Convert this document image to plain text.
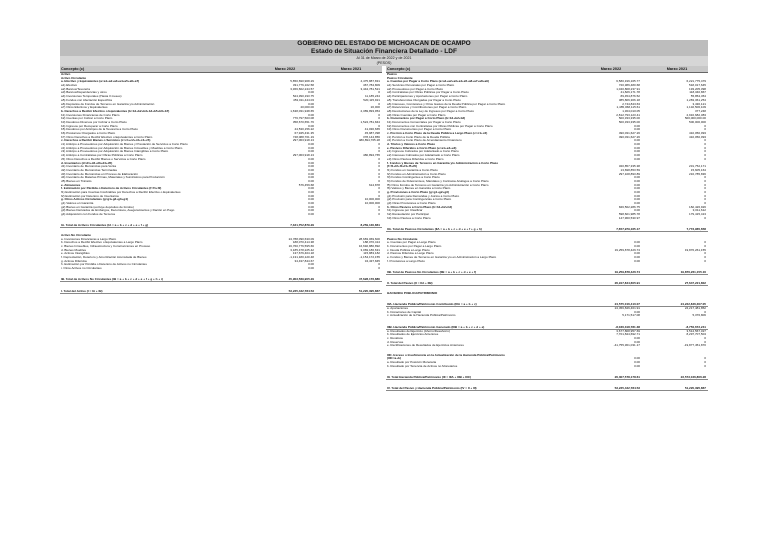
GOBIERNO DEL ESTADO DE MICHOACAN DE OCAMPO
Estado de Situación Financiera Detallado - LDF
Al 31 de Marzo de 2022 y de 2021
(PESOS)
Concepto (c)	Marzo 2022	Marzo 2021	Concepto (c)	Marzo 2022	Marzo 2021
Activo
Activo Circulante
a. Efectivo y Equivalentes (a=a1+a2+a3+a4+a5+a6+a7)	5,850,690,908.29	4,475,887,831
a1) Efectivo	331,776,102.58	467,784,809
a2) Bancos/Tesorería	3,366,662,244.57	3,444,781,521
a3) Bancos/Dependencias y otros	0.00	0
a4) Inversiones Temporales (Hasta 3 meses)	524,390,193.75	11,185,244
a5) Fondos con Afectación Específica	453,011,444.03	520,115,921
a6) Depósitos de Fondos de Terceros en Garantía y/o Administración	0.00	0
a7) Otros Efectivos y Equivalentes	20,000.00	20,000
b. Derechos a Recibir Efectivo o Equivalentes (b=b1+b2+b3+b4+b5+b6+b7)	1,638,031,948.65	2,389,893,954
b1) Inversiones Financieras de Corto Plazo	0.00	0
b2) Cuentas por Cobrar a Corto Plazo	776,797,503.08	0
b3) Deudores Diversos por Cobrar a Corto Plazo	358,670,651.76	1,524,781,844
b4) Ingresos por Recuperar a Corto Plazo	0.00	0
b5) Deudores por Anticipos de la Tesorería a Corto Plazo	44,530,156.22	41,030,665
b6) Préstamos Otorgados a Corto Plazo	67,945,431.35	45,987,398
b7) Otros Derechos a Recibir Efectivo o Equivalentes a Corto Plazo	748,088,701.19	378,144,856
c. Derechos a Recibir Bienes o Servicios (c=c1+c2+c3+c4+c5)	297,063,918.13	480,894,765.28
c1) Anticipo a Proveedores por Adquisición de Bienes y Prestación de Servicios a Corto Plazo	0.00	0
c2) Anticipo a Proveedores por Adquisición de Bienes Inmuebles y Muebles a Corto Plazo	0.00	0
c3) Anticipo a Proveedores por Adquisición de Bienes Intangibles a Corto Plazo	0.00	0
c4) Anticipo a Contratistas por Obras Públicas a Corto Plazo	297,063,918.13	480,894,765
c5) Otros Derechos a Recibir Bienes o Servicios a Corto Plazo	0.00	0
d. Inventarios (d=d1+d2+d3+d4+d5)	0.00	0
d1) Inventario de Mercancías para Venta	0.00	0
d2) Inventario de Mercancías Terminadas	0.00	0
d3) Inventario de Mercancías en Proceso de Elaboración	0.00	0
d4) Inventario de Materias Primas, Materiales y Suministros para Producción	0.00	0
d5) Bienes en Tránsito	0.00	0
e. Almacenes	576,456.68	614,878
f. Estimación por Pérdida o Deterioro de Activos Circulantes (f=f1+f2)	0.00	0
f1) Estimación para Cuentas Incobrables por Derechos a Recibir Efectivo o Equivalentes	0.00	0
f2) Estimación por Deterioro de Inventarios	0.00	0
g. Otros Activos Circulantes (g=g1+g2+g3+g4)	0.00	10,000,000
g1) Valores en Garantía	0.00	10,000,000
g2) Bienes en Garantía (excluye depósitos de fondos)	0.00	0
g3) Bienes Derivados de Embargos, Decomisos, Aseguramientos y Dación en Pago	0.00	0
g4) Adquisición con Fondos de Terceros	0.00	0
IA. Total de Activos Circulantes (IA = a + b + c + d + e + f + g)	7,321,752,879.29	8,259,130,861
Activo No Circulante
a. Inversiones Financieras a Largo Plazo	24,788,090,630.09	28,683,069,600
b. Derechos a Recibir Efectivo o Equivalentes a Largo Plazo	188,070,414.38	188,070,414
c. Bienes Inmuebles, Infraestructura y Construcciones en Proceso	16,760,776,595.66	16,692,880,892
d. Bienes Muebles	3,185,478,225.42	3,069,186,631
e. Activos Intangibles	137,676,404.18	115,883,182
f. Depreciación, Deterioro y Amortización Acumulada de Bienes	-1,131,180,120.48	-1,154,172,155
g. Activos Diferidos	34,437,844.67	34,437,845
h. Estimación por Pérdida o Deterioro de Activos no Circulantes	0.00	0
i. Otros Activos no Circulantes	0.00	0
IB. Total de Activos No Circulantes (IB = a + b + c + d + e + f + g + h + i)	45,903,569,905.29	47,628,176,880
I. Total del Activo (I = IA + IB)	53,225,422,784.53	51,220,395,867
Pasivo
Pasivo Circulante
a. Cuentas por Pagar a Corto Plazo (a=a1+a2+a3+a4+a5+a6+a7+a8+a9)	6,580,196,165.77	6,221,775,479
a1) Servicios Personales por Pagar a Corto Plazo	720,386,480.68	518,017,645
a2) Proveedores por Pagar a Corto Plazo	1,040,808,237.91	193,205,398
a3) Contratistas por Obras Públicas por Pagar a Corto Plazo	41,826,171.78	118,340,867
a4) Participaciones y Aportaciones por Pagar a Corto Plazo	89,454,876.52	55,854,454
a5) Transferencias Otorgadas por Pagar a Corto Plazo	385,806,306.18	1,283,361,254
a6) Intereses, Comisiones y Otros Gastos de la Deuda Pública por Pagar a Corto Plazo	2,744,843.63	3,430,121
a7) Retenciones y Contribuciones por Pagar a Corto Plazo	1,485,068,115.61	1,132,506,109
a8) Devoluciones de la Ley de Ingresos por Pagar a Corto Plazo	1,304,010.05	377,248
a9) Otras Cuentas por Pagar a Corto Plazo	2,812,793,123.41	2,916,682,383
b. Documentos por Pagar a Corto Plazo (b=b1+b2+b3)	500,333,335.00	500,000,000.00
b1) Documentos Comerciales por Pagar a Corto Plazo	500,333,335.00	500,000,000
b2) Documentos con Contratistas por Obras Públicas por Pagar a Corto Plazo	0.00	0
b3) Otros Documentos por Pagar a Corto Plazo	0.00	0
c. Porción a Corto Plazo de la Deuda Pública a Largo Plazo (c=c1+c2)	490,031,627.26	410,050,093
c1) Porción a Corto Plazo de la Deuda Pública	490,031,627.26	410,050,093
c2) Porción a Corto Plazo de Arrendamiento Financiero	0.00	0
d. Títulos y Valores a Corto Plazo	0.00	0
e. Pasivos Diferidos a Corto Plazo (e=e1+e2+e3)	0.00	0
e1) Ingresos Cobrados por Adelantado a Corto Plazo	0.00	0
e2) Intereses Cobrados por Adelantado a Corto Plazo	0.00	0
e3) Otros Pasivos Diferidos a Corto Plazo	0.00	0
f. Fondos y Bienes de Terceros en Garantía y/o Administración a Corto Plazo
(f=f1+f2+f3+f4+f5+f6)	320,857,335.38	231,752,171
f1) Fondos en Garantía a Corto Plazo	13,698,853.59	15,605,164
f2) Fondos en Administración a Corto Plazo	297,108,893.89	216,785,836
f3) Fondos Contingentes a Corto Plazo	0.00	0
f4) Fondos de Fideicomisos, Mandatos y Contratos Análogos a Corto Plazo	0.00	0
f5) Otros Fondos de Terceros en Garantía y/o Administración a Corto Plazo	0.00	0
f6) Valores y Bienes en Garantía a Corto Plazo	0.00	0
g. Provisiones a Corto Plazo (g=g1+g2+g3)	0.00	0
g1) Provisión para Demandas y Juicios a Corto Plazo	0.00	0
g2) Provisión para Contingencias a Corto Plazo	0.00	0
g3) Otras Provisiones a Corto Plazo	0.00	0
h. Otros Pasivos a Corto Plazo (h=h1+h2+h3)	846,562,286.75	182,426,926
h1) Ingresos por Clasificar	0.00	3,011,612
h2) Recaudación por Participar	598,601,985.78	179,415,413
h3) Otros Pasivos a Corto Plazo	147,960,530.97	0
IIA. Total de Pasivos Circulantes (IIA = a + b + c + d + e + f + g + h)	7,657,979,165.17	7,773,965,658
Pasivo No Circulante
a. Cuentas por Pagar a Largo Plazo	0.00	0
b. Documentos por Pagar a Largo Plazo	0.00	0
c. Deuda Pública a Largo Plazo	19,259,878,426.74	19,876,261,155
d. Pasivos Diferidos a Largo Plazo	0.00	0
e. Fondos y Bienes de Terceros en Garantía y/o en Administración a Largo Plazo	0.00	0
f. Provisiones a Largo Plazo	0.00	0
IIB. Total de Pasivos No Circulantes (IIB = a + b + c + d + e + f)	19,259,878,426.74	19,876,261,155.16
II. Total del Pasivo (II = IIA + IIB)	26,917,844,605.91	27,647,221,802
HACIENDA PÚBLICA/PATRIMONIO
IIIA. Hacienda Pública/Patrimonio Contribuido (IIIA = a + b + c)	24,575,016,410.07	24,222,846,307.05
a. Aportaciones	24,456,826,461.91	24,217,481,852
b. Donaciones de Capital	0.00	0
c. Actualización de la Hacienda Pública/Patrimonio	5,171,517.08	5,376,806
IIIB. Hacienda Pública/Patrimonio Generado (IIIB = a + b + c + d + e)	-8,036,318,781.38	-8,750,672,241
a. Resultados del Ejercicio (Ahorro/Desahorro)	3,677,808,957.69	3,514,567,327
b. Resultados de Ejercicios Anteriores	7,701,844,692.71	8,297,707,504
c. Revalúos	0.00	0
d. Reservas	0.00	0
e. Rectificaciones de Resultados de Ejercicios Anteriores	-41,755,361,031.17	-19,877,451,870
IIIC. Exceso o Insuficiencia en la Actualización de la Hacienda Pública/Patrimonio
(IIIC=a+b)	0.00	0
a. Resultado por Posición Monetaria	0.00	0
b. Resultado por Tenencia de Activos no Monetarios	0.00	0
III. Total Hacienda Pública/Patrimonio (III = IIIA + IIIB + IIIC)	26,307,578,178.61	23,573,046,806.28
IV. Total del Pasivo y Hacienda Pública/Patrimonio (IV = II + III)	53,225,422,784.53	51,220,395,867
